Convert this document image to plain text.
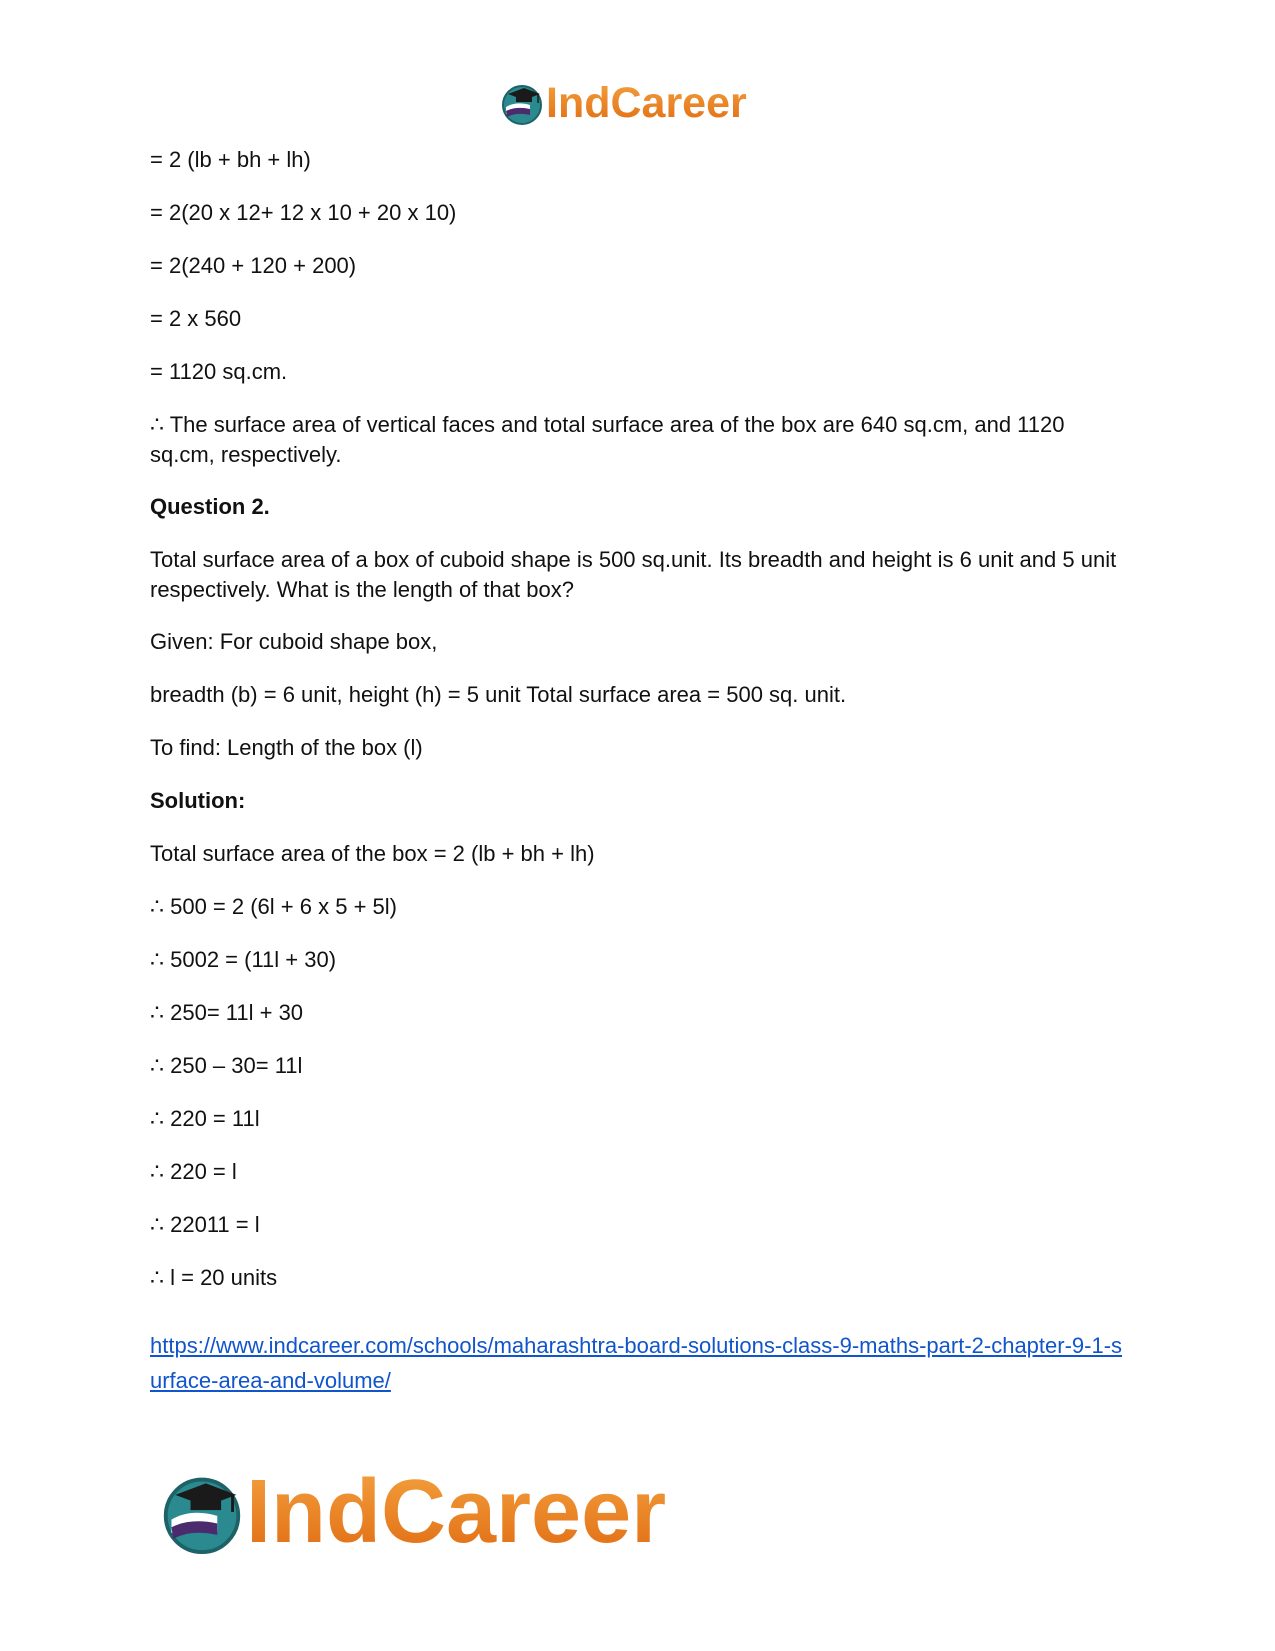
IndCareer
= 2 (lb + bh + lh)
= 2(20 x 12+ 12 x 10 + 20 x 10)
= 2(240 + 120 + 200)
= 2 x 560
= 1120 sq.cm.
∴ The surface area of vertical faces and total surface area of the box are 640 sq.cm, and 1120 sq.cm, respectively.
Question 2.
Total surface area of a box of cuboid shape is 500 sq.unit. Its breadth and height is 6 unit and 5 unit respectively. What is the length of that box?
Given: For cuboid shape box,
breadth (b) = 6 unit, height (h) = 5 unit Total surface area = 500 sq. unit.
To find: Length of the box (l)
Solution:
Total surface area of the box = 2 (lb + bh + lh)
∴ 500 = 2 (6l + 6 x 5 + 5l)
∴ 5002 = (11l + 30)
∴ 250= 11l + 30
∴ 250 – 30= 11l
∴ 220 = 11l
∴ 220 = l
∴ 22011 = l
∴ l = 20 units
https://www.indcareer.com/schools/maharashtra-board-solutions-class-9-maths-part-2-chapter-9-1-surface-area-and-volume/
IndCareer
